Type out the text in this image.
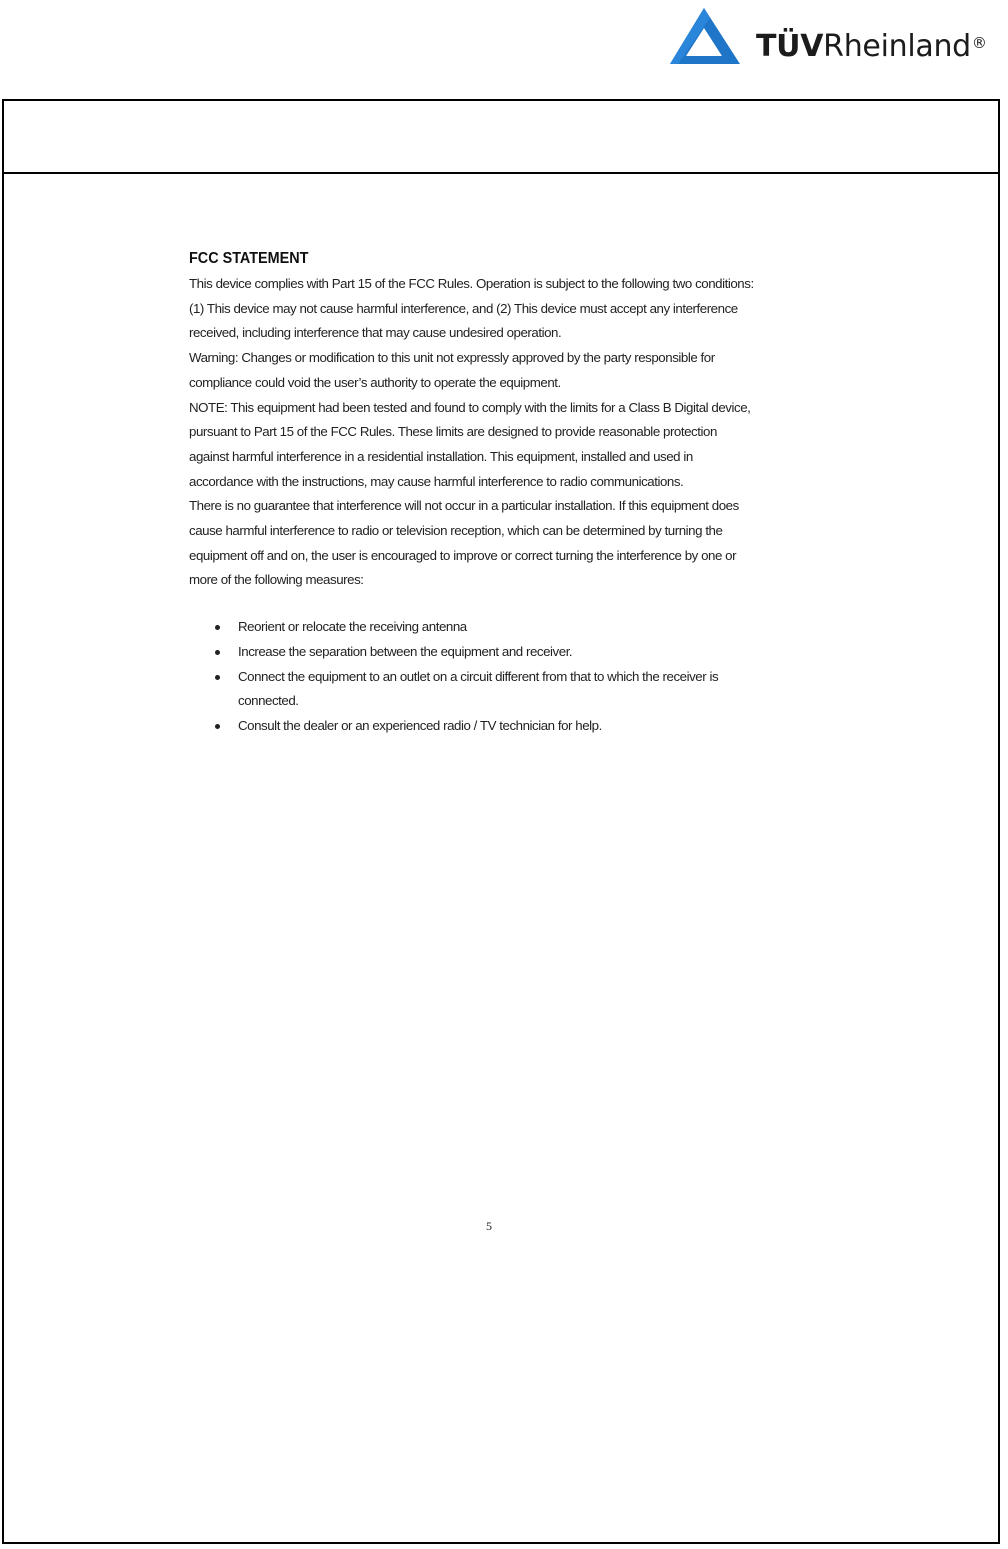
TÜVRheinland®
FCC STATEMENT

This device complies with Part 15 of the FCC Rules. Operation is subject to the following two conditions:
(1) This device may not cause harmful interference, and (2) This device must accept any interference
received, including interference that may cause undesired operation.

Warning: Changes or modification to this unit not expressly approved by the party responsible for
compliance could void the user’s authority to operate the equipment.

NOTE: This equipment had been tested and found to comply with the limits for a Class B Digital device,
pursuant to Part 15 of the FCC Rules. These limits are designed to provide reasonable protection
against harmful interference in a residential installation. This equipment, installed and used in
accordance with the instructions, may cause harmful interference to radio communications.

There is no guarantee that interference will not occur in a particular installation. If this equipment does
cause harmful interference to radio or television reception, which can be determined by turning the
equipment off and on, the user is encouraged to improve or correct turning the interference by one or
more of the following measures:

Reorient or relocate the receiving antenna
Increase the separation between the equipment and receiver.
Connect the equipment to an outlet on a circuit different from that to which the receiver is
connected.
Consult the dealer or an experienced radio / TV technician for help.
5
